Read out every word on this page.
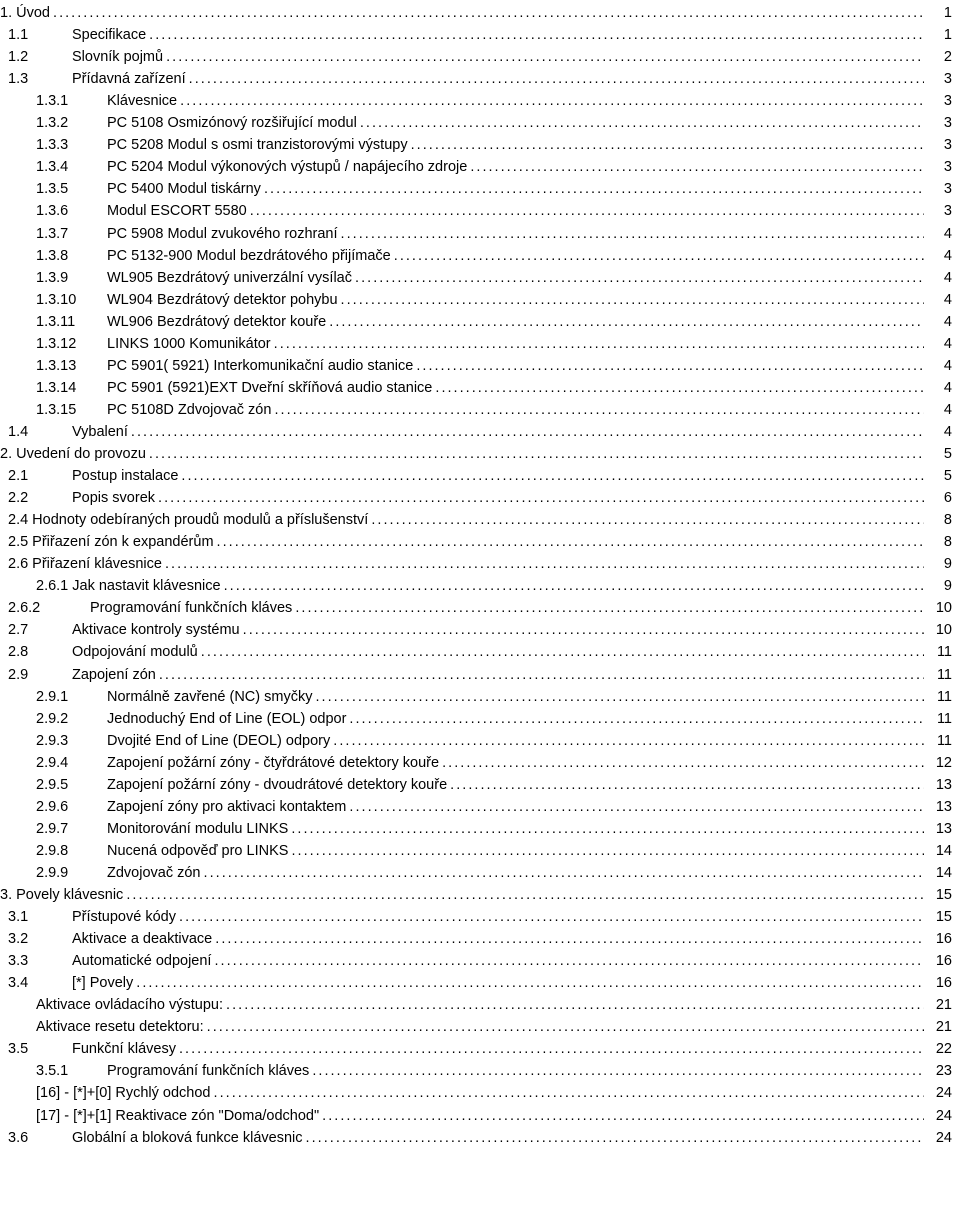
1. Úvod . . .	1
1.1	Specifikace . . .	1
1.2	Slovník pojmů . . .	2
1.3	Přídavná zařízení . . .	3
1.3.1	Klávesnice . . .	3
1.3.2	PC 5108 Osmizónový rozšiřující modul . . .	3
1.3.3	PC 5208 Modul s osmi tranzistorovými výstupy . . .	3
1.3.4	PC 5204 Modul výkonových výstupů / napájecího zdroje . . .	3
1.3.5	PC 5400 Modul tiskárny . . .	3
1.3.6	Modul ESCORT 5580 . . .	3
1.3.7	PC 5908 Modul zvukového rozhraní . . .	4
1.3.8	PC 5132-900 Modul bezdrátového přijímače . . .	4
1.3.9	WL905 Bezdrátový univerzální vysílač . . .	4
1.3.10 WL904 Bezdrátový detektor pohybu . . .	4
1.3.11 WL906 Bezdrátový detektor kouře . . .	4
1.3.12 LINKS 1000 Komunikátor . . .	4
1.3.13 PC 5901( 5921) Interkomunikační audio stanice . . .	4
1.3.14 PC 5901 (5921)EXT Dveřní skříňová audio stanice . . .	4
1.3.15 PC 5108D Zdvojovač zón . . .	4
1.4	Vybalení . . .	4
2. Uvedení do provozu . . .	5
2.1	Postup instalace . . .	5
2.2	Popis svorek . . .	6
2.4 Hodnoty odebíraných proudů modulů a příslušenství . . .	8
2.5 Přiřazení zón k expandérům . . .	8
2.6 Přiřazení klávesnice . . .	9
2.6.1 Jak nastavit klávesnice . . .	9
2.6.2	Programování funkčních kláves . . .	10
2.7	Aktivace kontroly systému . . .	10
2.8	Odpojování modulů . . .	11
2.9	Zapojení zón . . .	11
2.9.1	Normálně zavřené (NC) smyčky . . .	11
2.9.2	Jednoduchý End of Line (EOL) odpor . . .	11
2.9.3	Dvojité End of Line (DEOL) odpory . . .	11
2.9.4	Zapojení požární zóny - čtyřdrátové detektory kouře . . .	12
2.9.5	Zapojení požární zóny - dvoudrátové detektory kouře . . .	13
2.9.6	Zapojení zóny pro aktivaci kontaktem . . .	13
2.9.7	Monitorování modulu LINKS . . .	13
2.9.8	Nucená odpověď pro LINKS . . .	14
2.9.9	Zdvojovač zón . . .	14
3. Povely klávesnic . . .	15
3.1	Přístupové kódy . . .	15
3.2	Aktivace a deaktivace . . .	16
3.3	Automatické odpojení . . .	16
3.4	[*] Povely . . .	16
Aktivace ovládacího výstupu: . . .	21
Aktivace resetu detektoru: . . .	21
3.5	Funkční klávesy . . .	22
3.5.1	Programování funkčních kláves . . .	23
[16] - [*]+[0] Rychlý odchod . . .	24
[17] - [*]+[1] Reaktivace zón "Doma/odchod" . . .	24
3.6	Globální a bloková funkce klávesnic . . .	24
